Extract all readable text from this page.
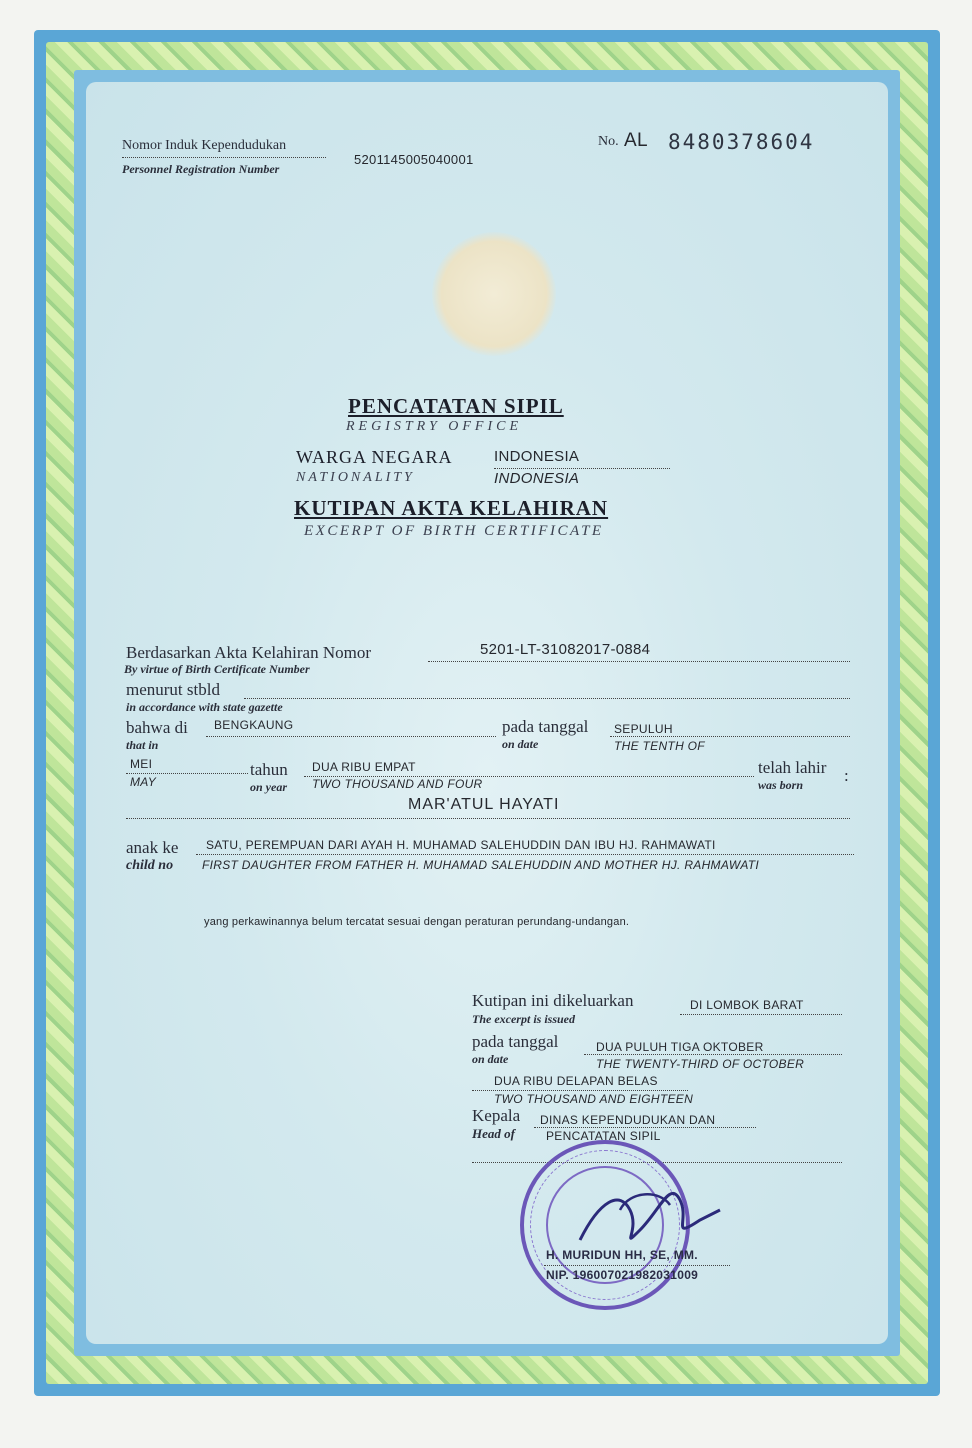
Nomor Induk Kependudukan
Personnel Registration Number
5201145005040001
No. AL 8480378604
PENCATATAN SIPIL
REGISTRY OFFICE
WARGA NEGARA
NATIONALITY
INDONESIA
INDONESIA
KUTIPAN AKTA KELAHIRAN
EXCERPT OF BIRTH CERTIFICATE
Berdasarkan Akta Kelahiran Nomor
By virtue of Birth Certificate Number
5201-LT-31082017-0884
menurut stbld
in accordance with state gazette
bahwa di
that in
BENGKAUNG	pada tanggal
on date
SEPULUH
THE TENTH OF
MEI
MAY
tahun
on year
DUA RIBU EMPAT
TWO THOUSAND AND FOUR
telah lahir
was born :
MAR'ATUL HAYATI
anak ke
child no
SATU, PEREMPUAN DARI AYAH H. MUHAMAD SALEHUDDIN DAN IBU HJ. RAHMAWATI
FIRST DAUGHTER FROM FATHER H. MUHAMAD SALEHUDDIN AND MOTHER HJ. RAHMAWATI
yang perkawinannya belum tercatat sesuai dengan peraturan perundang-undangan.
Kutipan ini dikeluarkan
The excerpt is issued
DI LOMBOK BARAT
pada tanggal
on date
DUA PULUH TIGA OKTOBER
THE TWENTY-THIRD OF OCTOBER
DUA RIBU DELAPAN BELAS
TWO THOUSAND AND EIGHTEEN
Kepala
Head of
DINAS KEPENDUDUKAN DAN
PENCATATAN SIPIL
H. MURIDUN HH, SE, MM.
NIP. 196007021982031009
